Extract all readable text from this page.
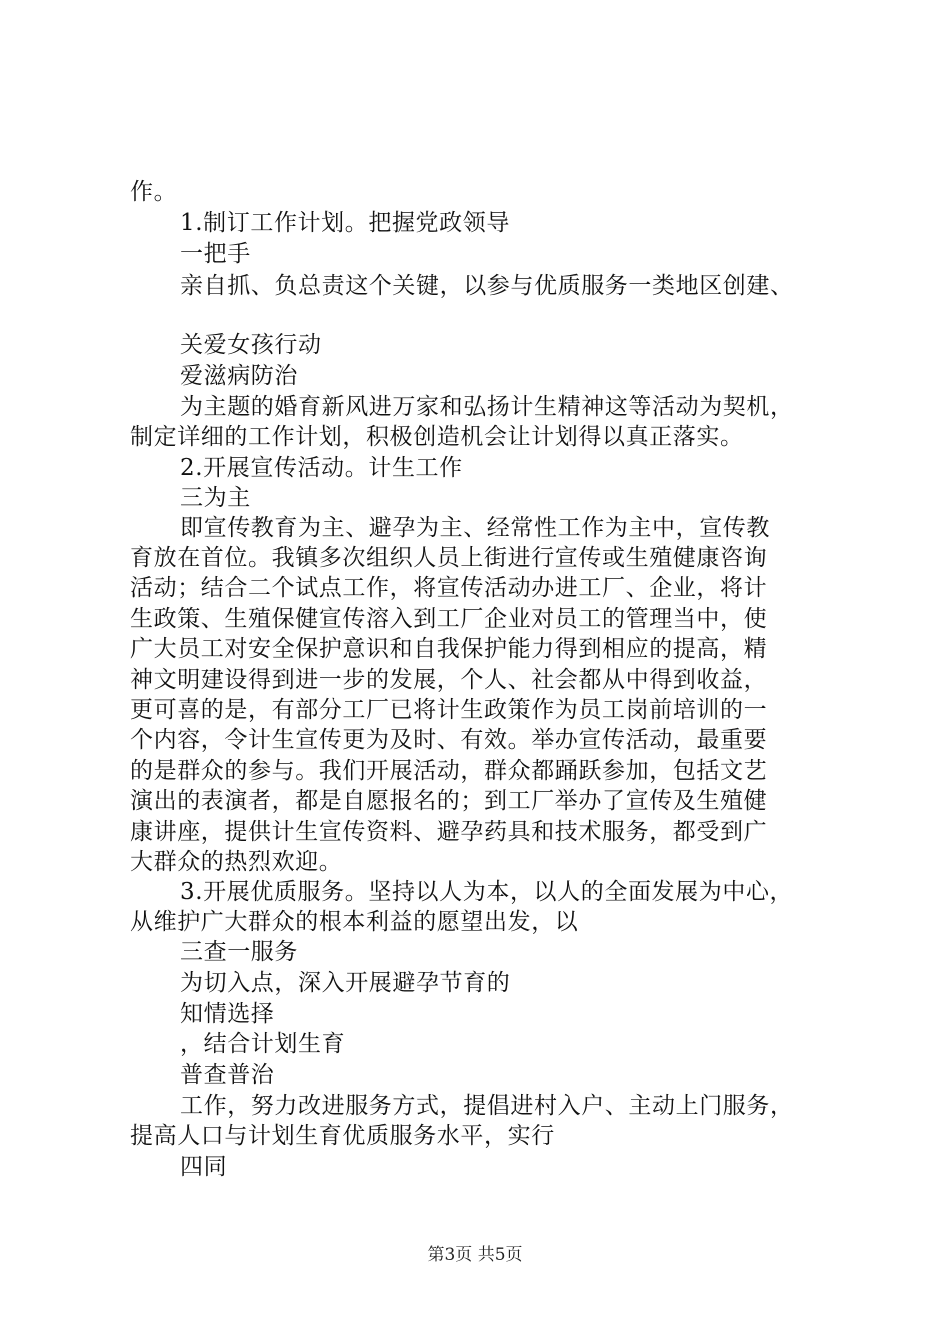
作。
1.制订工作计划。把握党政领导
一把手
亲自抓、负总责这个关键，以参与优质服务一类地区创建、
关爱女孩行动
爱滋病防治
为主题的婚育新风进万家和弘扬计生精神这等活动为契机，
制定详细的工作计划，积极创造机会让计划得以真正落实。
2.开展宣传活动。计生工作
三为主
即宣传教育为主、避孕为主、经常性工作为主中，宣传教
育放在首位。我镇多次组织人员上街进行宣传或生殖健康咨询
活动；结合二个试点工作，将宣传活动办进工厂、企业，将计
生政策、生殖保健宣传溶入到工厂企业对员工的管理当中，使
广大员工对安全保护意识和自我保护能力得到相应的提高，精
神文明建设得到进一步的发展，个人、社会都从中得到收益，
更可喜的是，有部分工厂已将计生政策作为员工岗前培训的一
个内容，令计生宣传更为及时、有效。举办宣传活动，最重要
的是群众的参与。我们开展活动，群众都踊跃参加，包括文艺
演出的表演者，都是自愿报名的；到工厂举办了宣传及生殖健
康讲座，提供计生宣传资料、避孕药具和技术服务，都受到广
大群众的热烈欢迎。
3.开展优质服务。坚持以人为本，以人的全面发展为中心，
从维护广大群众的根本利益的愿望出发，以
三查一服务
为切入点，深入开展避孕节育的
知情选择
，结合计划生育
普查普治
工作，努力改进服务方式，提倡进村入户、主动上门服务，
提高人口与计划生育优质服务水平，实行
四同
第3页 共5页
